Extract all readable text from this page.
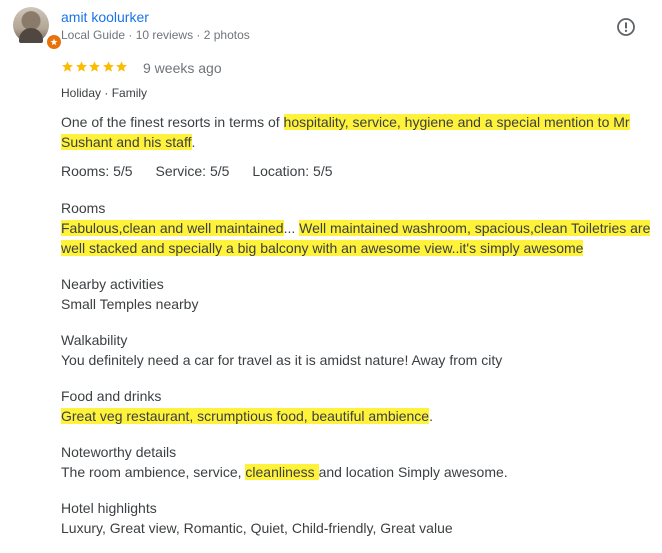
amit koolurker
Local Guide · 10 reviews · 2 photos
9 weeks ago
Holiday · Family
One of the finest resorts in terms of hospitality, service, hygiene and a special mention to Mr Sushant and his staff.
Rooms: 5/5 Service: 5/5 Location: 5/5
Rooms
Fabulous,clean and well maintained... Well maintained washroom, spacious,clean Toiletries are well stacked and specially a big balcony with an awesome view..it's simply awesome
Nearby activities
Small Temples nearby
Walkability
You definitely need a car for travel as it is amidst nature! Away from city
Food and drinks
Great veg restaurant, scrumptious food, beautiful ambience.
Noteworthy details
The room ambience, service, cleanliness and location Simply awesome.
Hotel highlights
Luxury, Great view, Romantic, Quiet, Child-friendly, Great value
